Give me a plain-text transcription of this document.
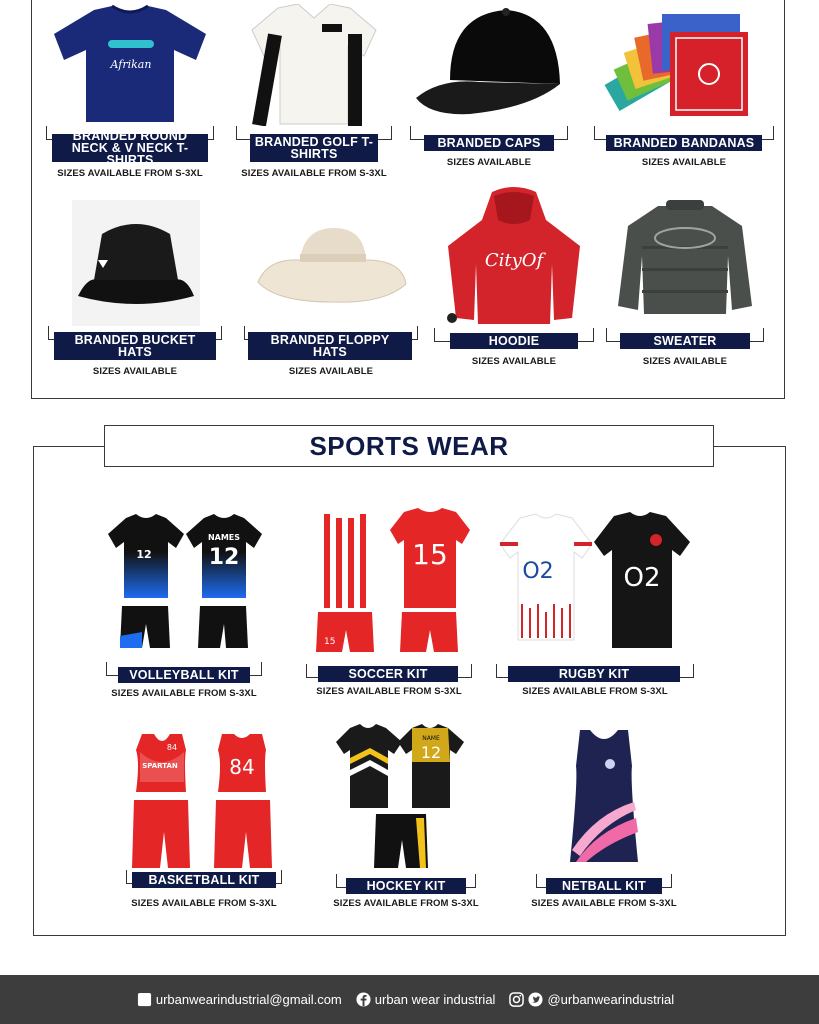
Afrikan
BRANDED ROUND NECK & V NECK T-SHIRTS
SIZES AVAILABLE FROM S-3XL
BRANDED GOLF T-SHIRTS
SIZES AVAILABLE FROM S-3XL
BRANDED CAPS
SIZES AVAILABLE
BRANDED BANDANAS
SIZES AVAILABLE
BRANDED BUCKET HATS
SIZES AVAILABLE
BRANDED FLOPPY HATS
SIZES AVAILABLE
CityOf
HOODIE
SIZES AVAILABLE
SWEATER
SIZES AVAILABLE
SPORTS WEAR
12
NAMES
12
VOLLEYBALL KIT
SIZES AVAILABLE FROM S-3XL
15
15
SOCCER KIT
SIZES AVAILABLE FROM S-3XL
O2	O2
RUGBY KIT
SIZES AVAILABLE FROM S-3XL
SPARTAN
84
84
BASKETBALL KIT
SIZES AVAILABLE FROM S-3XL
NAME
12
HOCKEY KIT
SIZES AVAILABLE FROM S-3XL
NETBALL KIT
SIZES AVAILABLE FROM S-3XL
urbanwearindustrial@gmail.com	urban wear industrial	@urbanwearindustrial
